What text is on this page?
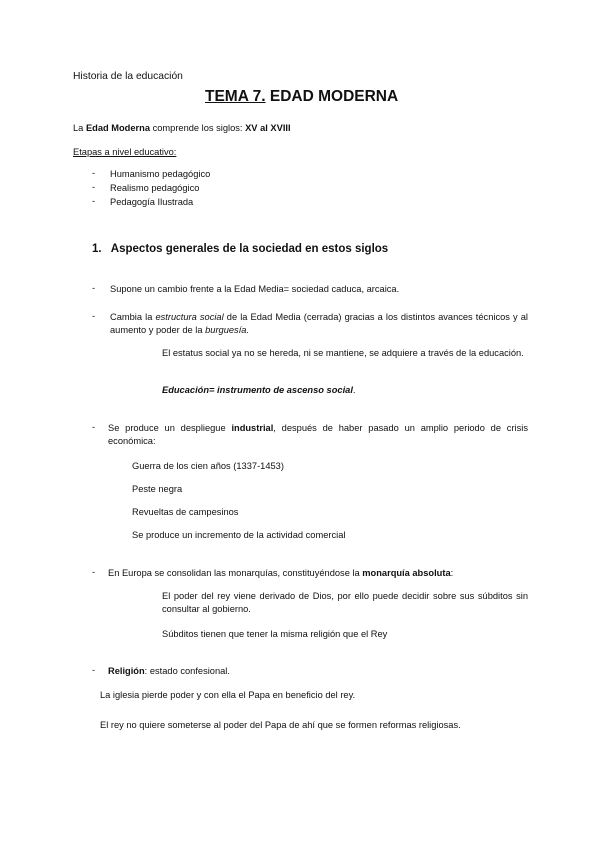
Historia de la educación
TEMA 7. EDAD MODERNA
La Edad Moderna comprende los siglos: XV al XVIII
Etapas a nivel educativo:
- Humanismo pedagógico
- Realismo pedagógico
- Pedagogía Ilustrada
1. Aspectos generales de la sociedad en estos siglos
- Supone un cambio frente a la Edad Media= sociedad caduca, arcaica.
- Cambia la estructura social de la Edad Media (cerrada) gracias a los distintos avances técnicos y al aumento y poder de la burguesía.
El estatus social ya no se hereda, ni se mantiene, se adquiere a través de la educación.
Educación= instrumento de ascenso social.
- Se produce un despliegue industrial, después de haber pasado un amplio periodo de crisis económica:
Guerra de los cien años (1337-1453)
Peste negra
Revueltas de campesinos
Se produce un incremento de la actividad comercial
- En Europa se consolidan las monarquías, constituyéndose la monarquía absoluta:
El poder del rey viene derivado de Dios, por ello puede decidir sobre sus súbditos sin consultar al gobierno.
Súbditos tienen que tener la misma religión que el Rey
- Religión: estado confesional.
La iglesia pierde poder y con ella el Papa en beneficio del rey.
El rey no quiere someterse al poder del Papa de ahí que se formen reformas religiosas.
